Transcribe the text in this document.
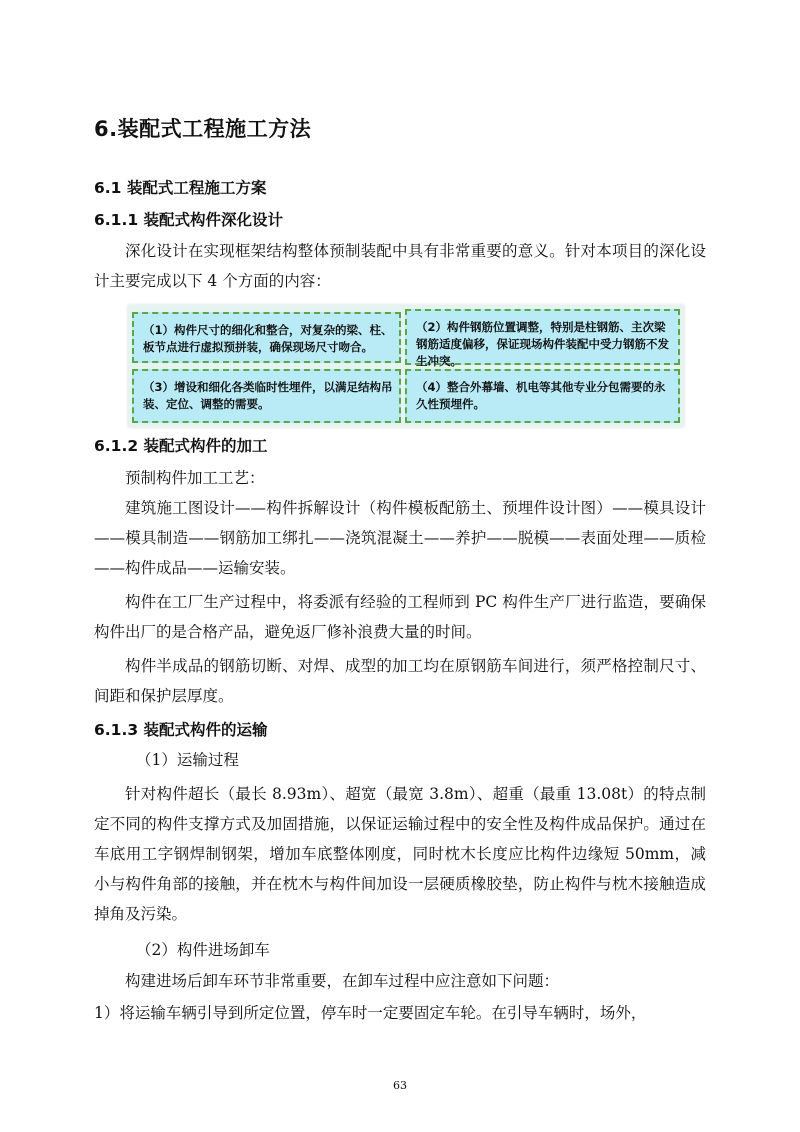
6.装配式工程施工方法
6.1 装配式工程施工方案
6.1.1 装配式构件深化设计

深化设计在实现框架结构整体预制装配中具有非常重要的意义。针对本项目的深化设计主要完成以下 4 个方面的内容：

（1）构件尺寸的细化和整合，对复杂的梁、柱、板节点进行虚拟预拼装，确保现场尺寸吻合。
（2）构件钢筋位置调整，特别是柱钢筋、主次梁钢筋适度偏移，保证现场构件装配中受力钢筋不发生冲突。
（3）增设和细化各类临时性埋件，以满足结构吊装、定位、调整的需要。
（4）整合外幕墙、机电等其他专业分包需要的永久性预埋件。
6.1.2 装配式构件的加工

预制构件加工工艺：

建筑施工图设计——构件拆解设计（构件模板配筋土、预埋件设计图）——模具设计——模具制造——钢筋加工绑扎——浇筑混凝土——养护——脱模——表面处理——质检——构件成品——运输安装。

构件在工厂生产过程中，将委派有经验的工程师到 PC 构件生产厂进行监造，要确保构件出厂的是合格产品，避免返厂修补浪费大量的时间。

构件半成品的钢筋切断、对焊、成型的加工均在原钢筋车间进行，须严格控制尺寸、间距和保护层厚度。

6.1.3 装配式构件的运输

（1）运输过程

针对构件超长（最长 8.93m）、超宽（最宽 3.8m）、超重（最重 13.08t）的特点制定不同的构件支撑方式及加固措施，以保证运输过程中的安全性及构件成品保护。通过在车底用工字钢焊制钢架，增加车底整体刚度，同时枕木长度应比构件边缘短 50mm，减小与构件角部的接触，并在枕木与构件间加设一层硬质橡胶垫，防止构件与枕木接触造成掉角及污染。

（2）构件进场卸车

构建进场后卸车环节非常重要，在卸车过程中应注意如下问题：

1）将运输车辆引导到所定位置，停车时一定要固定车轮。在引导车辆时，场外，

63
